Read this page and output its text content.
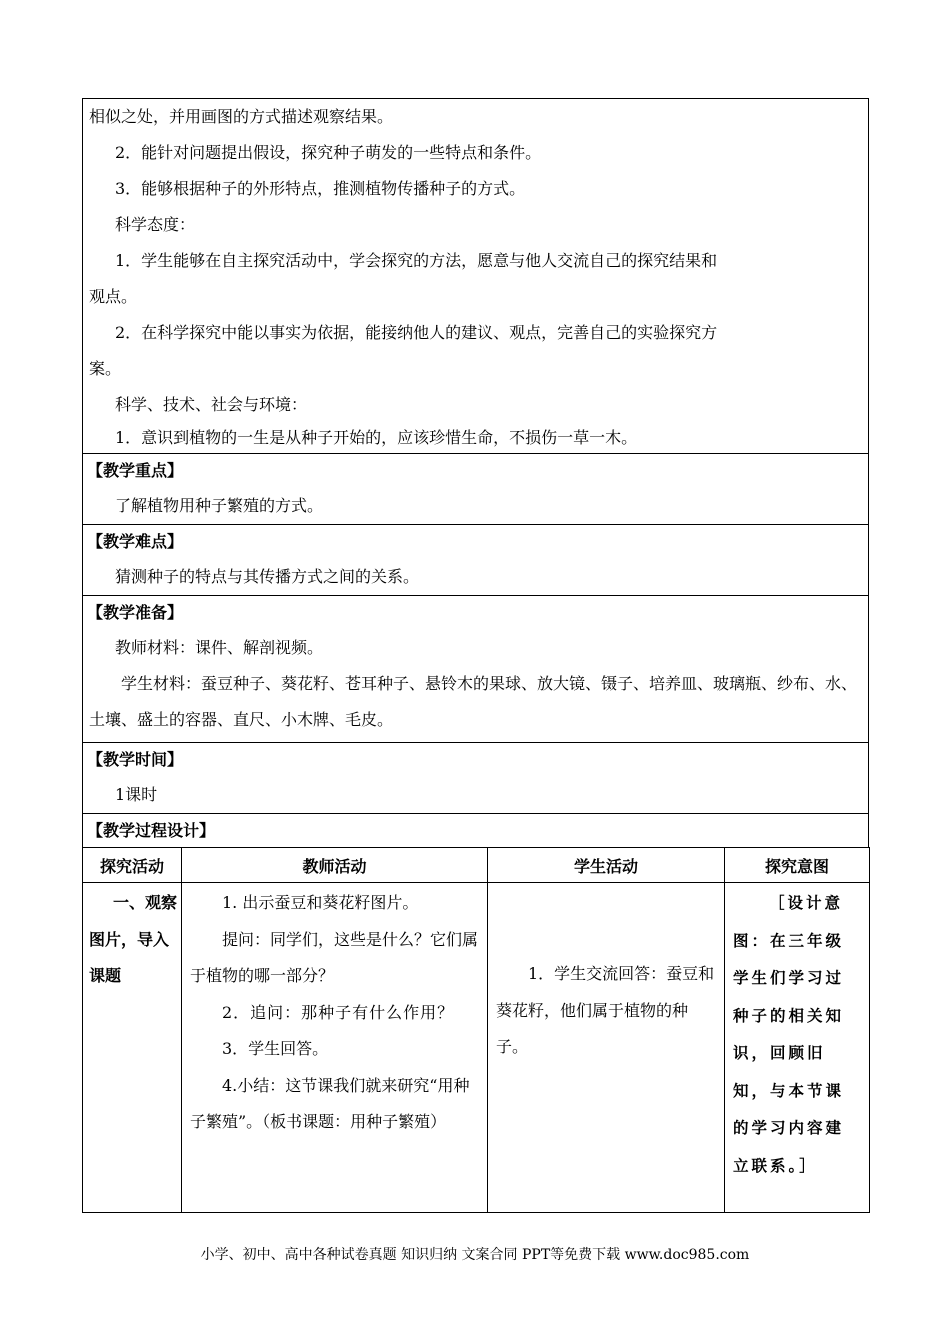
相似之处，并用画图的方式描述观察结果。
2．能针对问题提出假设，探究种子萌发的一些特点和条件。
3．能够根据种子的外形特点，推测植物传播种子的方式。
科学态度：
1．学生能够在自主探究活动中，学会探究的方法，愿意与他人交流自己的探究结果和
观点。
2．在科学探究中能以事实为依据，能接纳他人的建议、观点，完善自己的实验探究方
案。
科学、技术、社会与环境：
1．意识到植物的一生是从种子开始的，应该珍惜生命，不损伤一草一木。
【教学重点】
了解植物用种子繁殖的方式。
【教学难点】
猜测种子的特点与其传播方式之间的关系。
【教学准备】
教师材料：课件、解剖视频。

学生材料：蚕豆种子、葵花籽、苍耳种子、悬铃木的果球、放大镜、镊子、培养皿、玻璃瓶、纱布、水、土壤、盛土的容器、直尺、小木牌、毛皮。

【教学时间】
1课时
【教学过程设计】
探究活动	教师活动	学生活动	探究意图

一、观察图片，导入课题	1. 出示蚕豆和葵花籽图片。

提问：同学们，这些是什么？它们属于植物的哪一部分？

2．追问：那种子有什么作用？

3．学生回答。

4.小结：这节课我们就来研究“用种子繁殖”。（板书课题：用种子繁殖）	1．学生交流回答：蚕豆和葵花籽，他们属于植物的种子。	［设计意图：在三年级学生们学习过种子的相关知识，回顾旧知，与本节课的学习内容建立联系。］
小学、初中、高中各种试卷真题 知识归纳 文案合同 PPT等免费下载 www.doc985.com
